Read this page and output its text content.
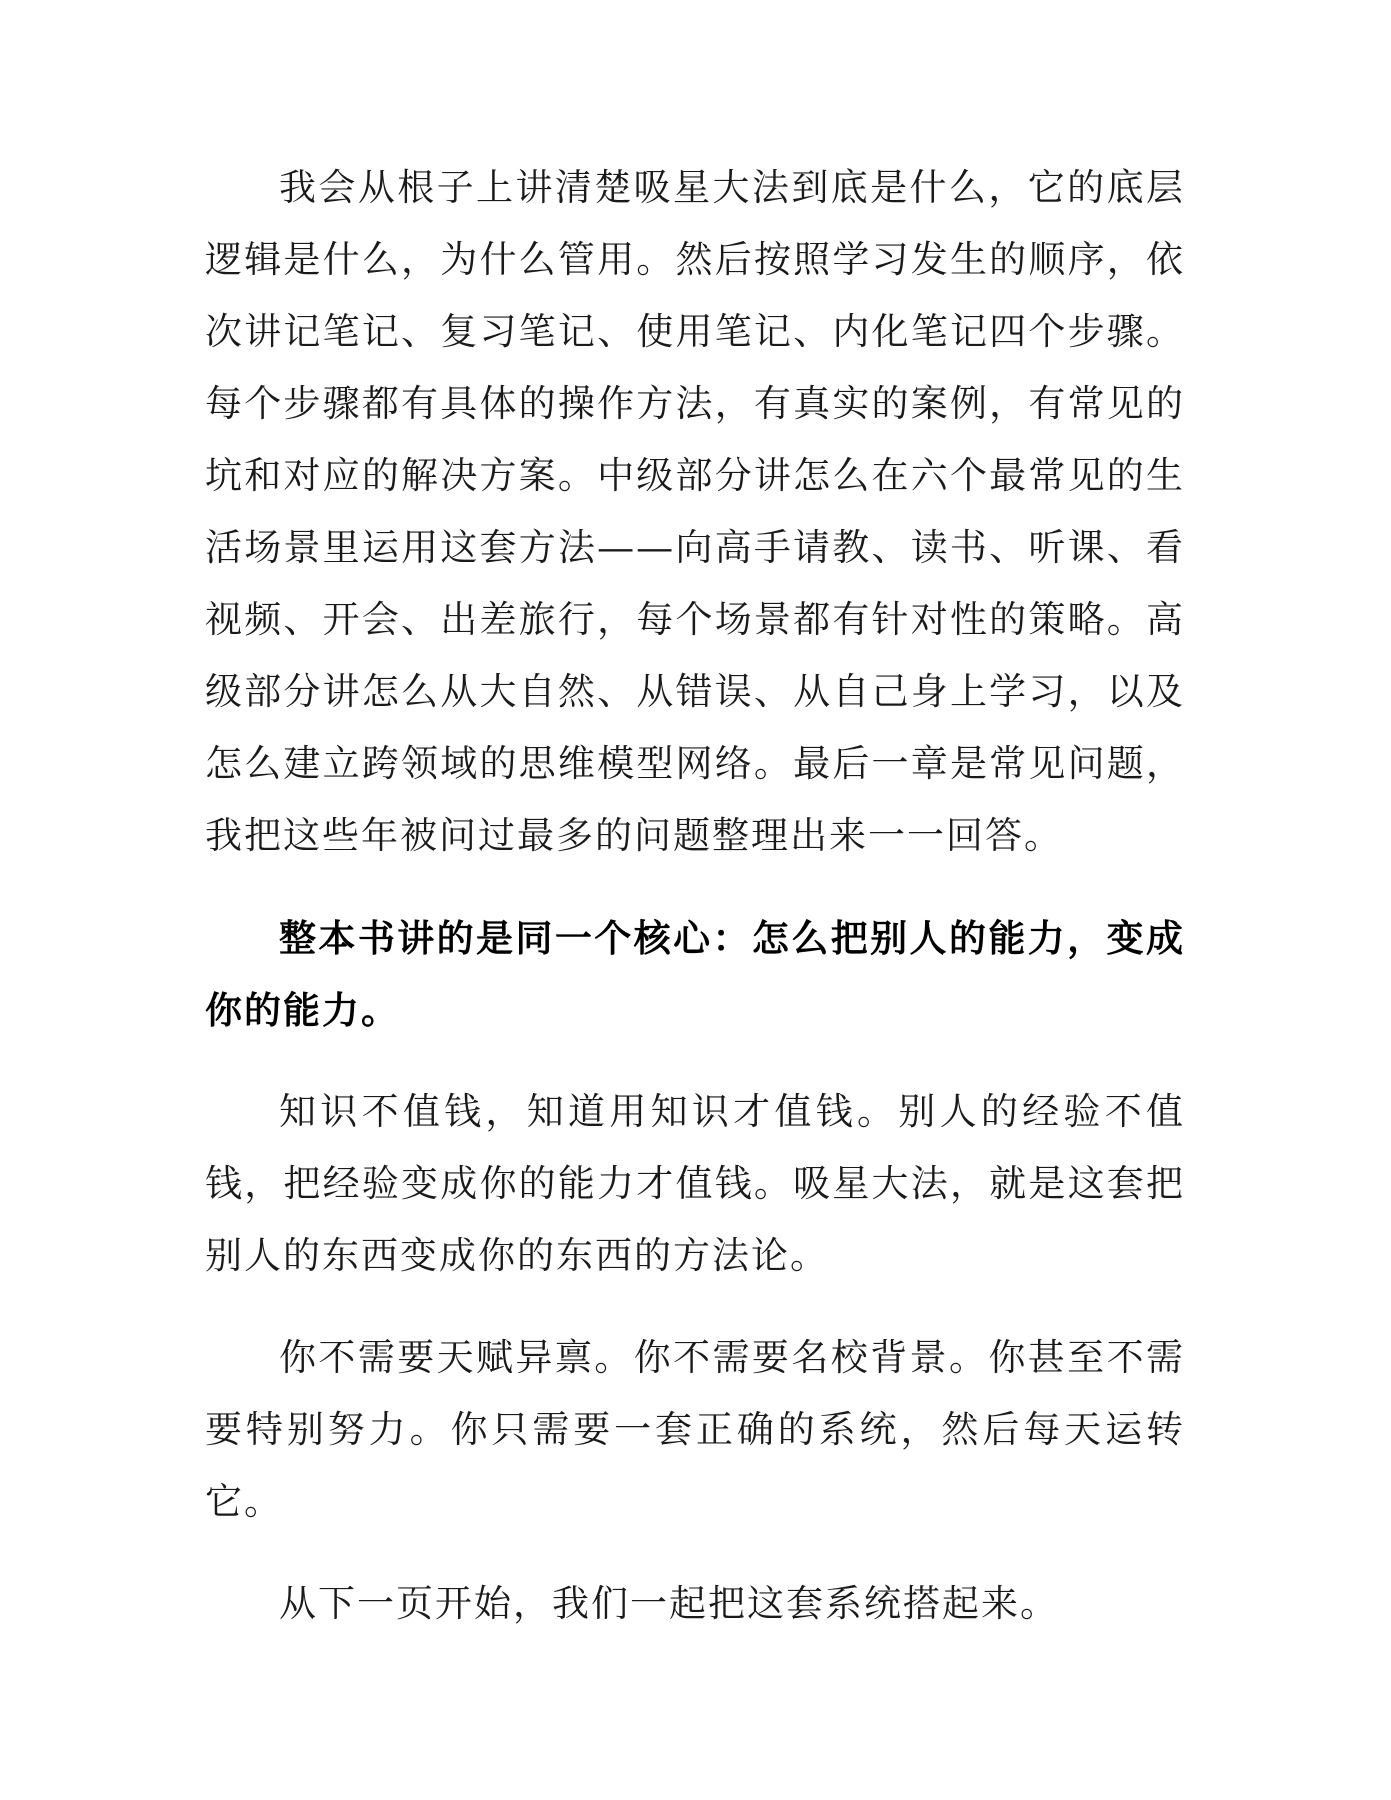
我会从根子上讲清楚吸星大法到底是什么，它的底层逻辑是什么，为什么管用。然后按照学习发生的顺序，依次讲记笔记、复习笔记、使用笔记、内化笔记四个步骤。每个步骤都有具体的操作方法，有真实的案例，有常见的坑和对应的解决方案。中级部分讲怎么在六个最常见的生活场景里运用这套方法——向高手请教、读书、听课、看视频、开会、出差旅行，每个场景都有针对性的策略。高级部分讲怎么从大自然、从错误、从自己身上学习，以及怎么建立跨领域的思维模型网络。最后一章是常见问题，我把这些年被问过最多的问题整理出来一一回答。

整本书讲的是同一个核心：怎么把别人的能力，变成你的能力。

知识不值钱，知道用知识才值钱。别人的经验不值钱，把经验变成你的能力才值钱。吸星大法，就是这套把别人的东西变成你的东西的方法论。

你不需要天赋异禀。你不需要名校背景。你甚至不需要特别努力。你只需要一套正确的系统，然后每天运转它。

从下一页开始，我们一起把这套系统搭起来。
